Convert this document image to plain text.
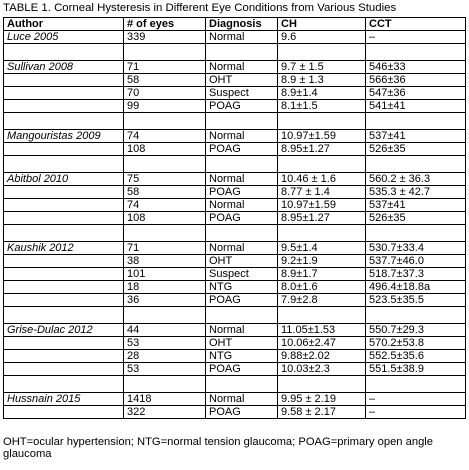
TABLE 1. Corneal Hysteresis in Different Eye Conditions from Various Studies
Author	# of eyes	Diagnosis	CH	CCT
Luce 2005	339	Normal	9.6	–

Sullivan 2008	71	Normal	9.7 ± 1.5	546±33
	58	OHT	8.9 ± 1.3	566±36
	70	Suspect	8.9±1.4	547±36
	99	POAG	8.1±1.5	541±41

Mangouristas 2009	74	Normal	10.97±1.59	537±41
	108	POAG	8.95±1.27	526±35

Abitbol 2010	75	Normal	10.46 ± 1.6	560.2 ± 36.3
	58	POAG	8.77 ± 1.4	535.3 ± 42.7
	74	Normal	10.97±1.59	537±41
	108	POAG	8.95±1.27	526±35

Kaushik 2012	71	Normal	9.5±1.4	530.7±33.4
	38	OHT	9.2±1.9	537.7±46.0
	101	Suspect	8.9±1.7	518.7±37.3
	18	NTG	8.0±1.6	496.4±18.8a
	36	POAG	7.9±2.8	523.5±35.5

Grise-Dulac 2012	44	Normal	11.05±1.53	550.7±29.3
	53	OHT	10.06±2.47	570.2±53.8
	28	NTG	9.88±2.02	552.5±35.6
	53	POAG	10.03±2.3	551.5±38.9

Hussnain 2015	1418	Normal	9.95 ± 2.19	–
	322	POAG	9.58 ± 2.17	–
OHT=ocular hypertension; NTG=normal tension glaucoma; POAG=primary open angle glaucoma
